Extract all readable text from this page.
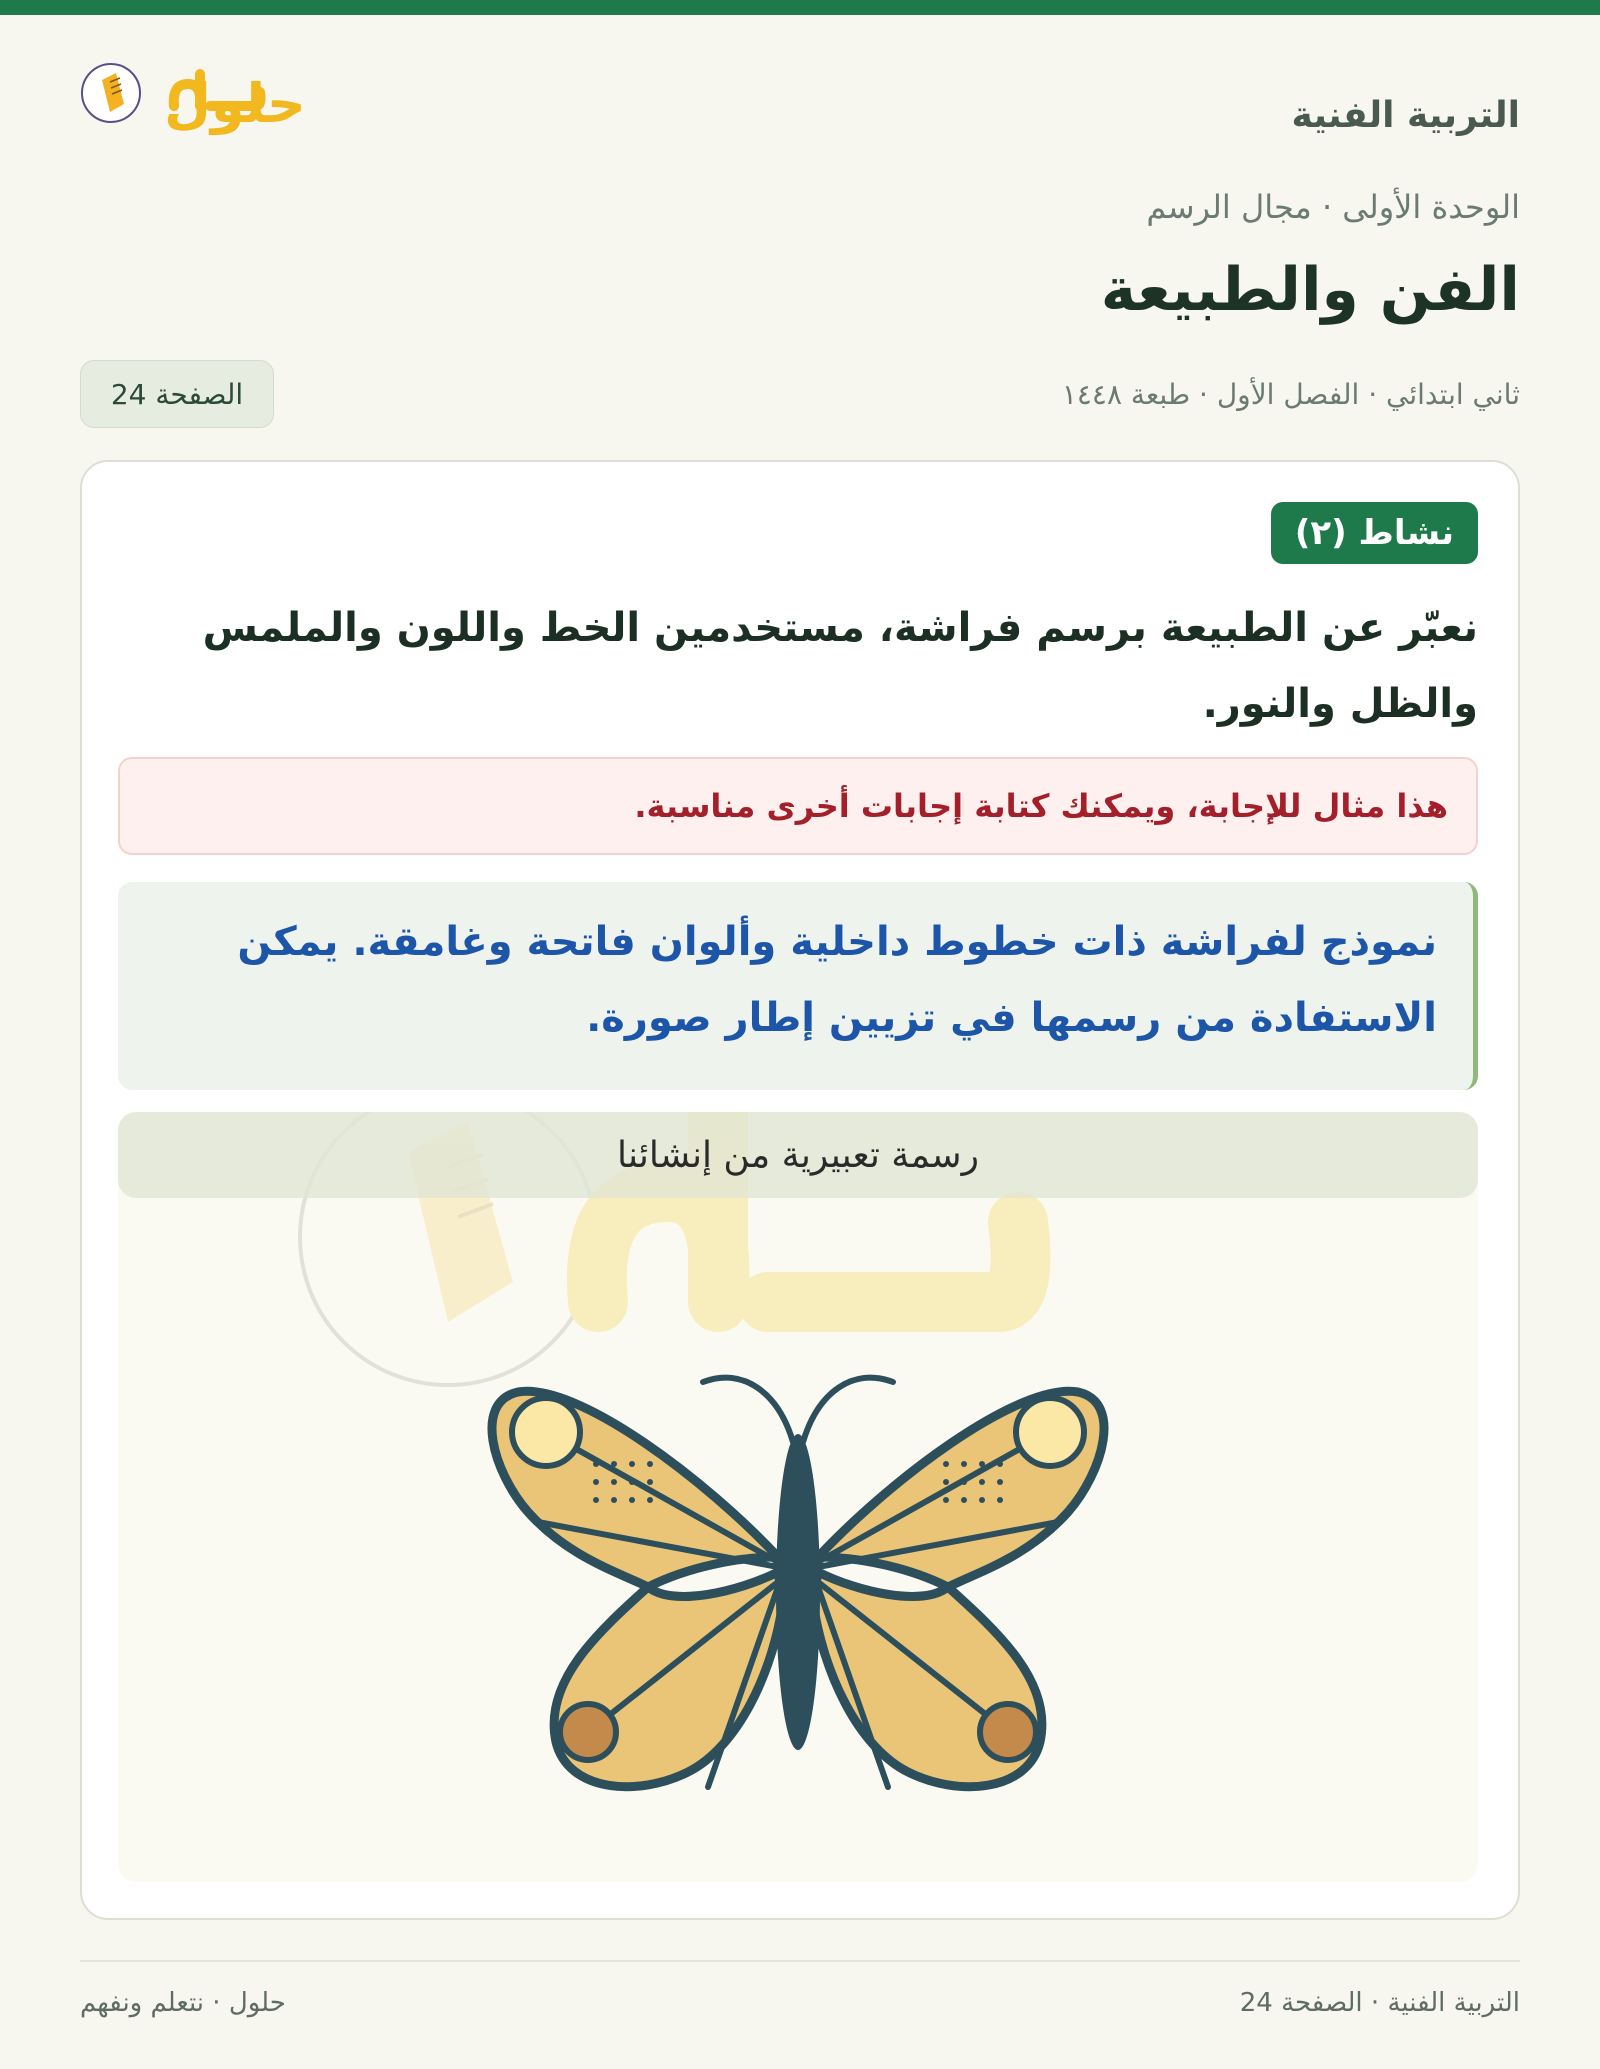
حلول	التربية الفنية
الوحدة الأولى · مجال الرسم
الفن والطبيعة
ثاني ابتدائي · الفصل الأول · طبعة ١٤٤٨
الصفحة 24
نشاط (٢)
نعبّر عن الطبيعة برسم فراشة، مستخدمين الخط واللون والملمس والظل والنور.
هذا مثال للإجابة، ويمكنك كتابة إجابات أخرى مناسبة.
نموذج لفراشة ذات خطوط داخلية وألوان فاتحة وغامقة. يمكن الاستفادة من رسمها في تزيين إطار صورة.
رسمة تعبيرية من إنشائنا
التربية الفنية · الصفحة 24
حلول · نتعلم ونفهم
